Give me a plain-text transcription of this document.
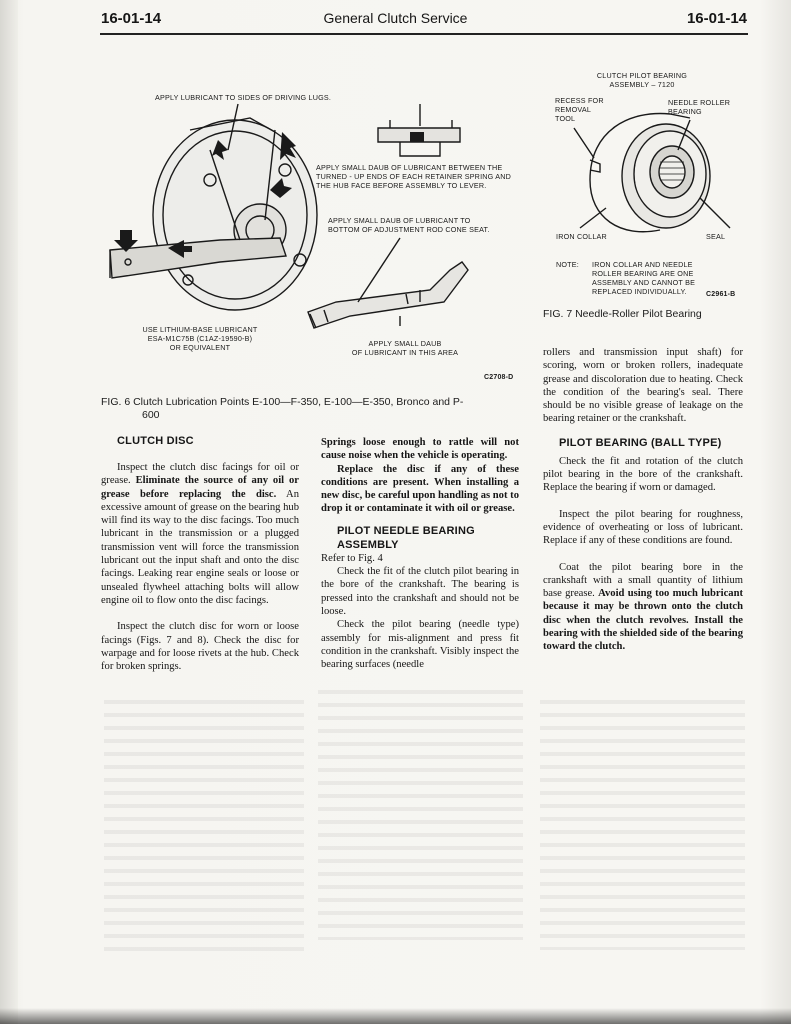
16-01-14	General Clutch Service	16-01-14
APPLY LUBRICANT TO SIDES OF DRIVING LUGS.
APPLY SMALL DAUB OF LUBRICANT BETWEEN THE
TURNED - UP ENDS OF EACH RETAINER SPRING AND
THE HUB FACE BEFORE ASSEMBLY TO LEVER.
APPLY SMALL DAUB OF LUBRICANT TO
BOTTOM OF ADJUSTMENT ROD CONE SEAT.
USE LITHIUM-BASE LUBRICANT
ESA-M1C75B (C1AZ-19590-B)
OR EQUIVALENT	APPLY SMALL DAUB
OF LUBRICANT IN THIS AREA
C2708-D
FIG. 6 Clutch Lubrication Points E-100—F-350, E-100—E-350, Bronco and P-
600
CLUTCH PILOT BEARING
ASSEMBLY – 7120
RECESS FOR
REMOVAL
TOOL
NEEDLE ROLLER
BEARING
IRON COLLAR	SEAL
NOTE: IRON COLLAR AND NEEDLE
ROLLER BEARING ARE ONE
ASSEMBLY AND CANNOT BE
REPLACED INDIVIDUALLY.	C2961-B
FIG. 7 Needle-Roller Pilot Bearing

CLUTCH DISC

Inspect the clutch disc facings for oil or grease. Eliminate the source of any oil or grease before replacing the disc. An excessive amount of grease on the bearing hub will find its way to the disc facings. Too much lubricant in the transmission or a plugged transmission vent will force the transmission lubricant out the input shaft and onto the disc facings. Leaking rear engine seals or loose or unsealed flywheel attaching bolts will allow engine oil to flow onto the disc facings.

Inspect the clutch disc for worn or loose facings (Figs. 7 and 8). Check the disc for warpage and for loose rivets at the hub. Check for broken springs.

Springs loose enough to rattle will not cause noise when the vehicle is operating.

Replace the disc if any of these conditions are present. When installing a new disc, be careful upon handling as not to drop it or contaminate it with oil or grease.

PILOT NEEDLE BEARING

ASSEMBLY

Refer to Fig. 4

Check the fit of the clutch pilot bearing in the bore of the crankshaft. The bearing is pressed into the crankshaft and should not be loose.

Check the pilot bearing (needle type) assembly for mis-alignment and press fit condition in the crankshaft. Visibly inspect the bearing surfaces (needle

rollers and transmission input shaft) for scoring, worn or broken rollers, inadequate grease and discoloration due to heating. Check the condition of the bearing's seal. There should be no visible grease of leakage on the bearing retainer or the crankshaft.

PILOT BEARING (BALL TYPE)

Check the fit and rotation of the clutch pilot bearing in the bore of the crankshaft. Replace the bearing if worn or damaged.

Inspect the pilot bearing for roughness, evidence of overheating or loss of lubricant. Replace if any of these conditions are found.

Coat the pilot bearing bore in the crankshaft with a small quantity of lithium base grease. Avoid using too much lubricant because it may be thrown onto the clutch disc when the clutch revolves. Install the bearing with the shielded side of the bearing toward the clutch.
